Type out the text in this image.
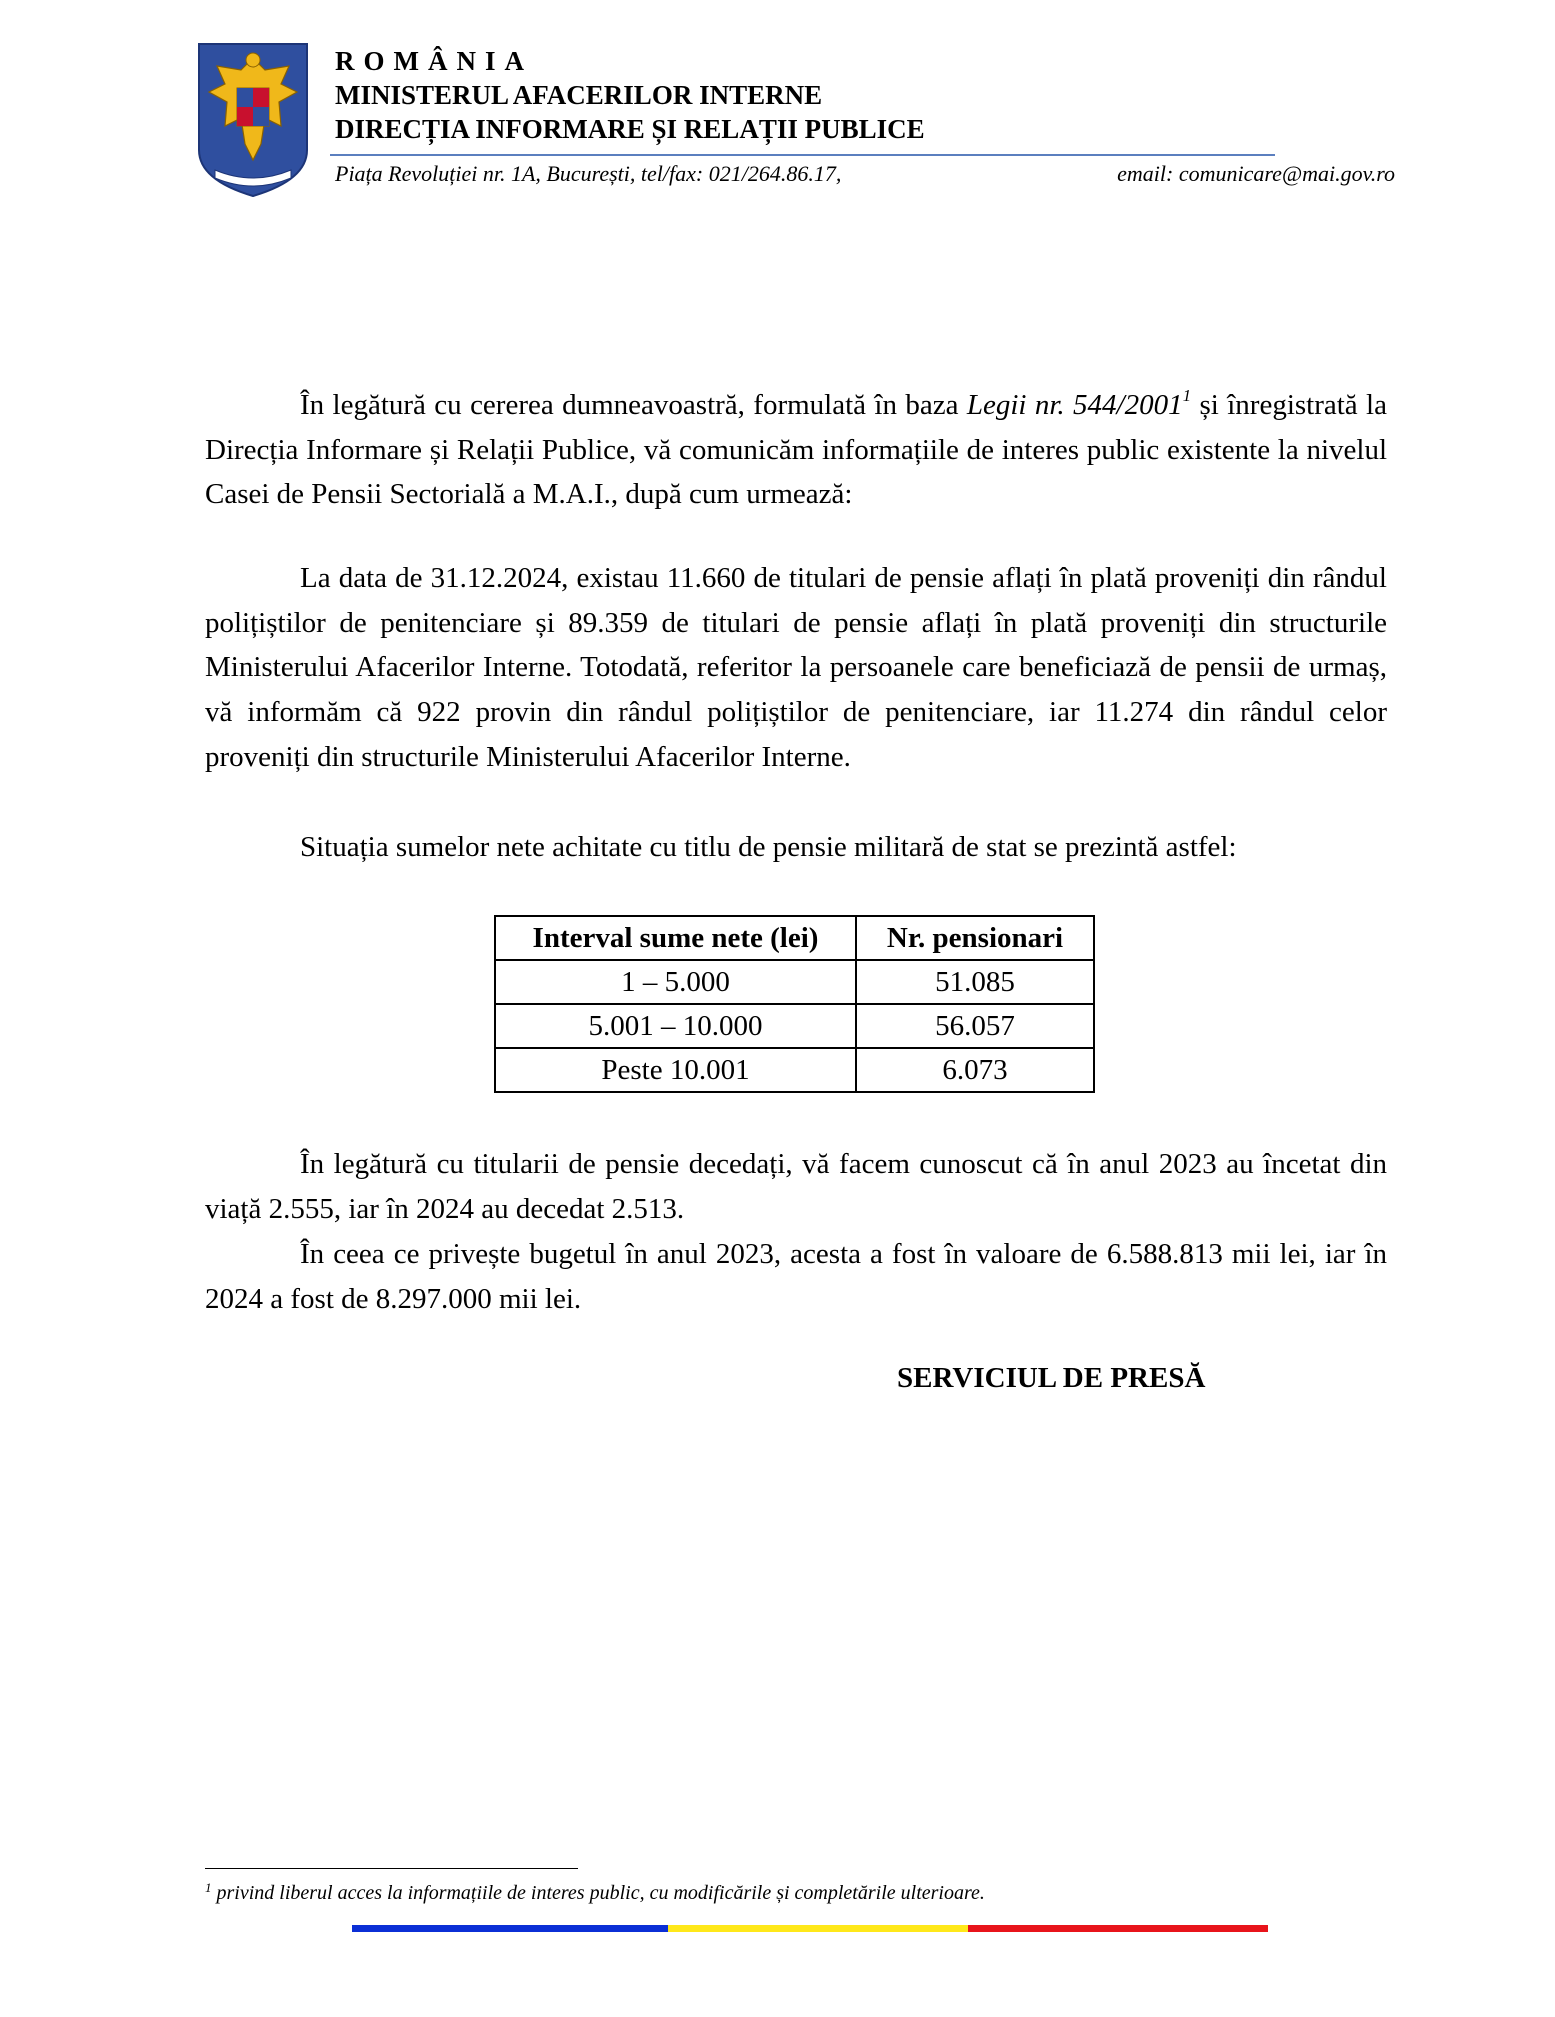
ROMÂNIA
MINISTERUL AFACERILOR INTERNE
DIRECȚIA INFORMARE ȘI RELAȚII PUBLICE
Piața Revoluției nr. 1A, București, tel/fax: 021/264.86.17,	email: comunicare@mai.gov.ro

În legătură cu cererea dumneavoastră, formulată în baza Legii nr. 544/2001$^1$ și înregistrată la Direcția Informare și Relații Publice, vă comunicăm informațiile de interes public existente la nivelul Casei de Pensii Sectorială a M.A.I., după cum urmează:

La data de 31.12.2024, existau 11.660 de titulari de pensie aflați în plată proveniți din rândul polițiștilor de penitenciare și 89.359 de titulari de pensie aflați în plată proveniți din structurile Ministerului Afacerilor Interne. Totodată, referitor la persoanele care beneficiază de pensii de urmaș, vă informăm că 922 provin din rândul polițiștilor de penitenciare, iar 11.274 din rândul celor proveniți din structurile Ministerului Afacerilor Interne.

Situația sumelor nete achitate cu titlu de pensie militară de stat se prezintă astfel:

Interval sume nete (lei)	Nr. pensionari
1 – 5.000	51.085
5.001 – 10.000	56.057
Peste 10.001	6.073

În legătură cu titularii de pensie decedați, vă facem cunoscut că în anul 2023 au încetat din viață 2.555, iar în 2024 au decedat 2.513.

În ceea ce privește bugetul în anul 2023, acesta a fost în valoare de 6.588.813 mii lei, iar în 2024 a fost de 8.297.000 mii lei.

SERVICIUL DE PRESĂ
$^1$ privind liberul acces la informațiile de interes public, cu modificările și completările ulterioare.
